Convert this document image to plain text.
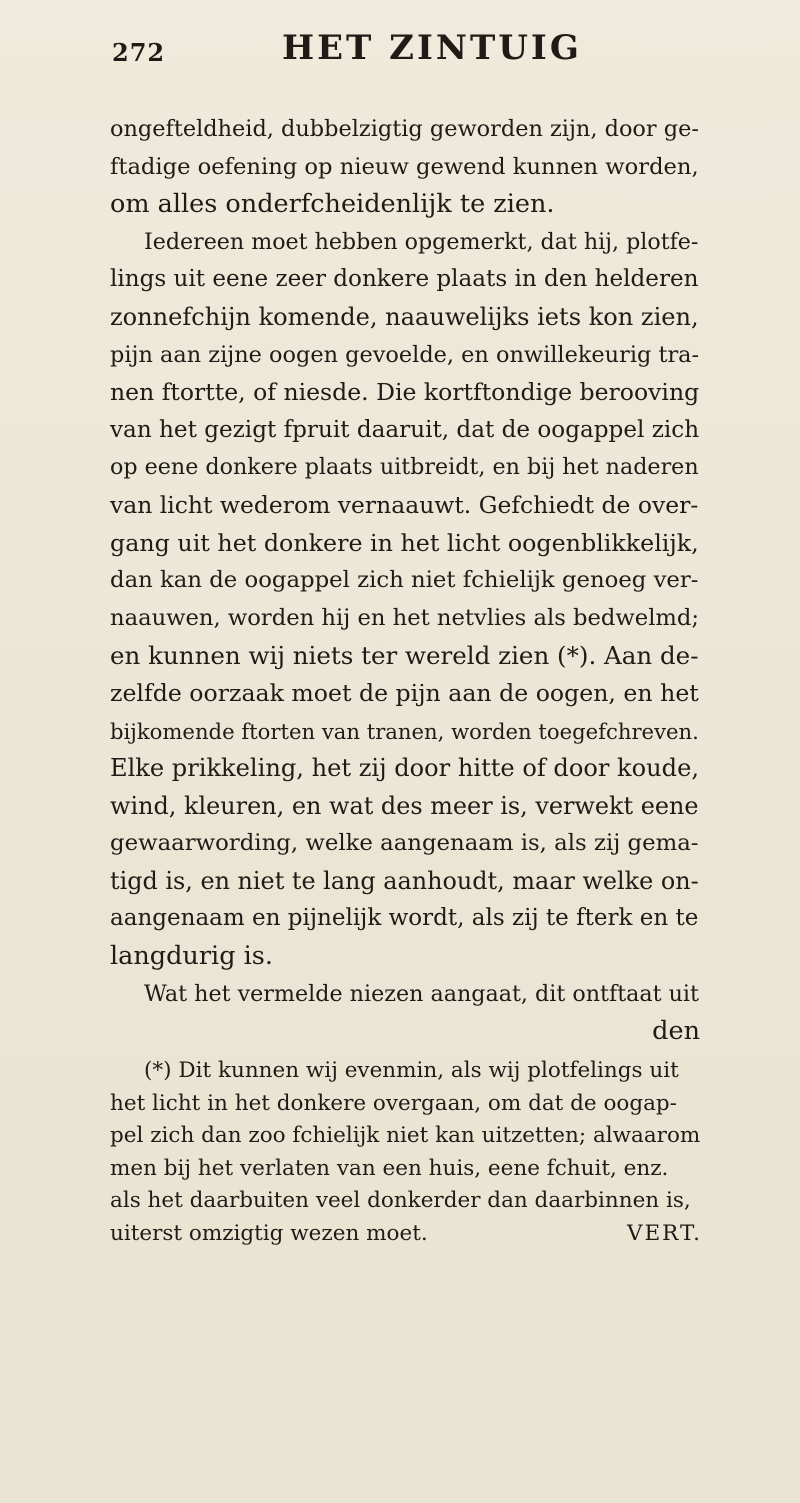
272	HET ZINTUIG
ongefteldheid, dubbelzigtig geworden zijn, door ge-
ftadige oefening op nieuw gewend kunnen worden,
om alles onderfcheidenlijk te zien.
Iedereen moet hebben opgemerkt, dat hij, plotfe-
lings uit eene zeer donkere plaats in den helderen
zonnefchijn komende, naauwelijks iets kon zien,
pijn aan zijne oogen gevoelde, en onwillekeurig tra-
nen ftortte, of niesde. Die kortftondige berooving
van het gezigt fpruit daaruit, dat de oogappel zich
op eene donkere plaats uitbreidt, en bij het naderen
van licht wederom vernaauwt. Gefchiedt de over-
gang uit het donkere in het licht oogenblikkelijk,
dan kan de oogappel zich niet fchielijk genoeg ver-
naauwen, worden hij en het netvlies als bedwelmd;
en kunnen wij niets ter wereld zien (*). Aan de-
zelfde oorzaak moet de pijn aan de oogen, en het
bijkomende ftorten van tranen, worden toegefchreven.
Elke prikkeling, het zij door hitte of door koude,
wind, kleuren, en wat des meer is, verwekt eene
gewaarwording, welke aangenaam is, als zij gema-
tigd is, en niet te lang aanhoudt, maar welke on-
aangenaam en pijnelijk wordt, als zij te fterk en te
langdurig is.
Wat het vermelde niezen aangaat, dit ontftaat uit
den
(*) Dit kunnen wij evenmin, als wij plotfelings uit
het licht in het donkere overgaan, om dat de oogap-
pel zich dan zoo fchielijk niet kan uitzetten; alwaarom
men bij het verlaten van een huis, eene fchuit, enz.
als het daarbuiten veel donkerder dan daarbinnen is,
uiterst omzigtig wezen moet.	VERT.
